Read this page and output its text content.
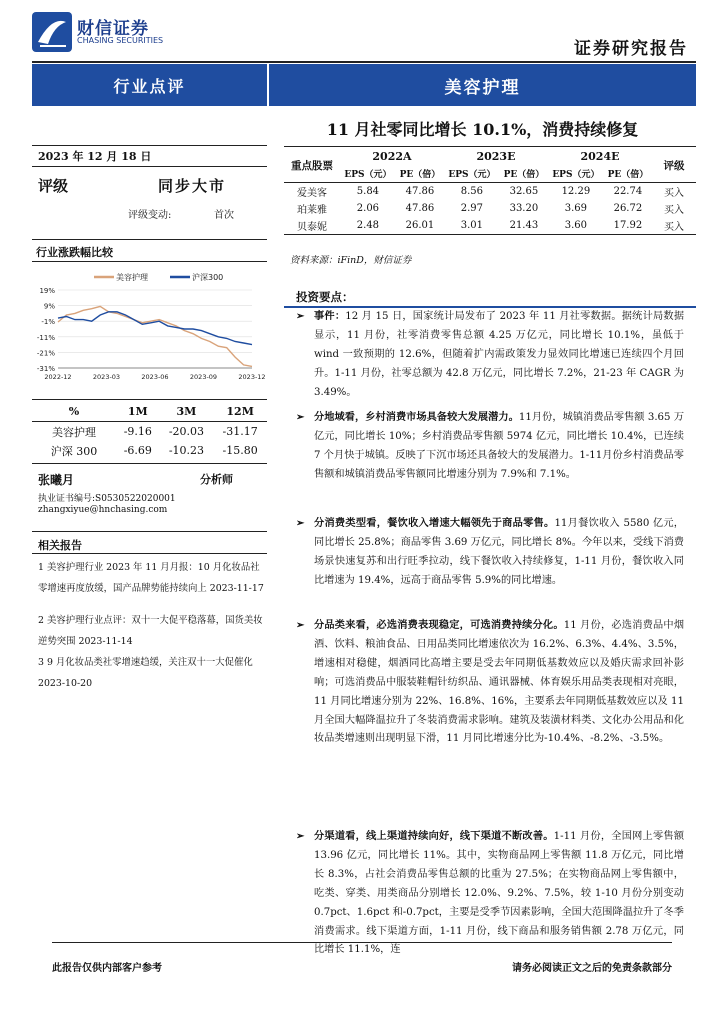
财信证券
CHASING SECURITIES	证券研究报告
行业点评	美容护理
11 月社零同比增长 10.1%，消费持续修复
2023 年 12 月 18 日
评级	同步大市
评级变动:	首次
行业涨跌幅比较
美容护理	沪深300
19%
9%
-1%
-11%
-21%
-31%
2022-12	2023-03	2023-06	2023-09	2023-12
%	1M	3M	12M
美容护理	-9.16	-20.03	-31.17
沪深 300	-6.69	-10.23	-15.80
张曦月	分析师
执业证书编号:S0530522020001
zhangxiyue@hnchasing.com
相关报告
1 美容护理行业 2023 年 11 月月报：10 月化妆品社零增速再度放缓，国产品牌势能持续向上 2023-11-17
2 美容护理行业点评：双十一大促平稳落幕，国货美妆逆势突围 2023-11-14
3 9 月化妆品类社零增速趋缓，关注双十一大促催化 2023-10-20
重点股票	2022A		2023E		2024E		评级
	EPS（元）	PE（倍）	EPS（元）	PE（倍）	EPS（元）	PE（倍）	
爱美客	5.84	47.86	8.56	32.65	12.29	22.74	买入
珀莱雅	2.06	47.86	2.97	33.20	3.69	26.72	买入
贝泰妮	2.48	26.01	3.01	21.43	3.60	17.92	买入
资料来源：iFinD，财信证券
投资要点：
➢ 事件：12 月 15 日，国家统计局发布了 2023 年 11 月社零数据。据统计局数据显示，11 月份，社零消费零售总额 4.25 万亿元，同比增长 10.1%，虽低于 wind 一致预期的 12.6%，但随着扩内需政策发力显效同比增速已连续四个月回升。1-11 月份，社零总额为 42.8 万亿元，同比增长 7.2%，21-23 年 CAGR 为 3.49%。
➢ 分地域看，乡村消费市场具备较大发展潜力。11月份，城镇消费品零售额 3.65 万亿元，同比增长 10%；乡村消费品零售额 5974 亿元，同比增长 10.4%，已连续 7 个月快于城镇。反映了下沉市场还具备较大的发展潜力。1-11月份乡村消费品零售额和城镇消费品零售额同比增速分别为 7.9%和 7.1%。
➢ 分消费类型看，餐饮收入增速大幅领先于商品零售。11月餐饮收入 5580 亿元，同比增长 25.8%；商品零售 3.69 万亿元，同比增长 8%。今年以来，受线下消费场景快速复苏和出行旺季拉动，线下餐饮收入持续修复，1-11 月份，餐饮收入同比增速为 19.4%，远高于商品零售 5.9%的同比增速。
➢ 分品类来看，必选消费表现稳定，可选消费持续分化。11 月份，必选消费品中烟酒、饮料、粮油食品、日用品类同比增速依次为 16.2%、6.3%、4.4%、3.5%，增速相对稳健，烟酒同比高增主要是受去年同期低基数效应以及婚庆需求回补影响；可选消费品中服装鞋帽针纺织品、通讯器械、体育娱乐用品类表现相对亮眼，11 月同比增速分别为 22%、16.8%、16%，主要系去年同期低基数效应以及 11 月全国大幅降温拉升了冬装消费需求影响。建筑及装潢材料类、文化办公用品和化妆品类增速则出现明显下滑，11 月同比增速分比为-10.4%、-8.2%、-3.5%。
➢ 分渠道看，线上渠道持续向好，线下渠道不断改善。1-11 月份，全国网上零售额 13.96 亿元，同比增长 11%。其中，实物商品网上零售额 11.8 万亿元，同比增长 8.3%，占社会消费品零售总额的比重为 27.5%；在实物商品网上零售额中，吃类、穿类、用类商品分别增长 12.0%、9.2%、7.5%，较 1-10 月份分别变动 0.7pct、1.6pct 和-0.7pct，主要是受季节因素影响，全国大范围降温拉升了冬季消费需求。线下渠道方面，1-11 月份，线下商品和服务销售额 2.78 万亿元，同比增长 11.1%，连
此报告仅供内部客户参考	请务必阅读正文之后的免责条款部分
